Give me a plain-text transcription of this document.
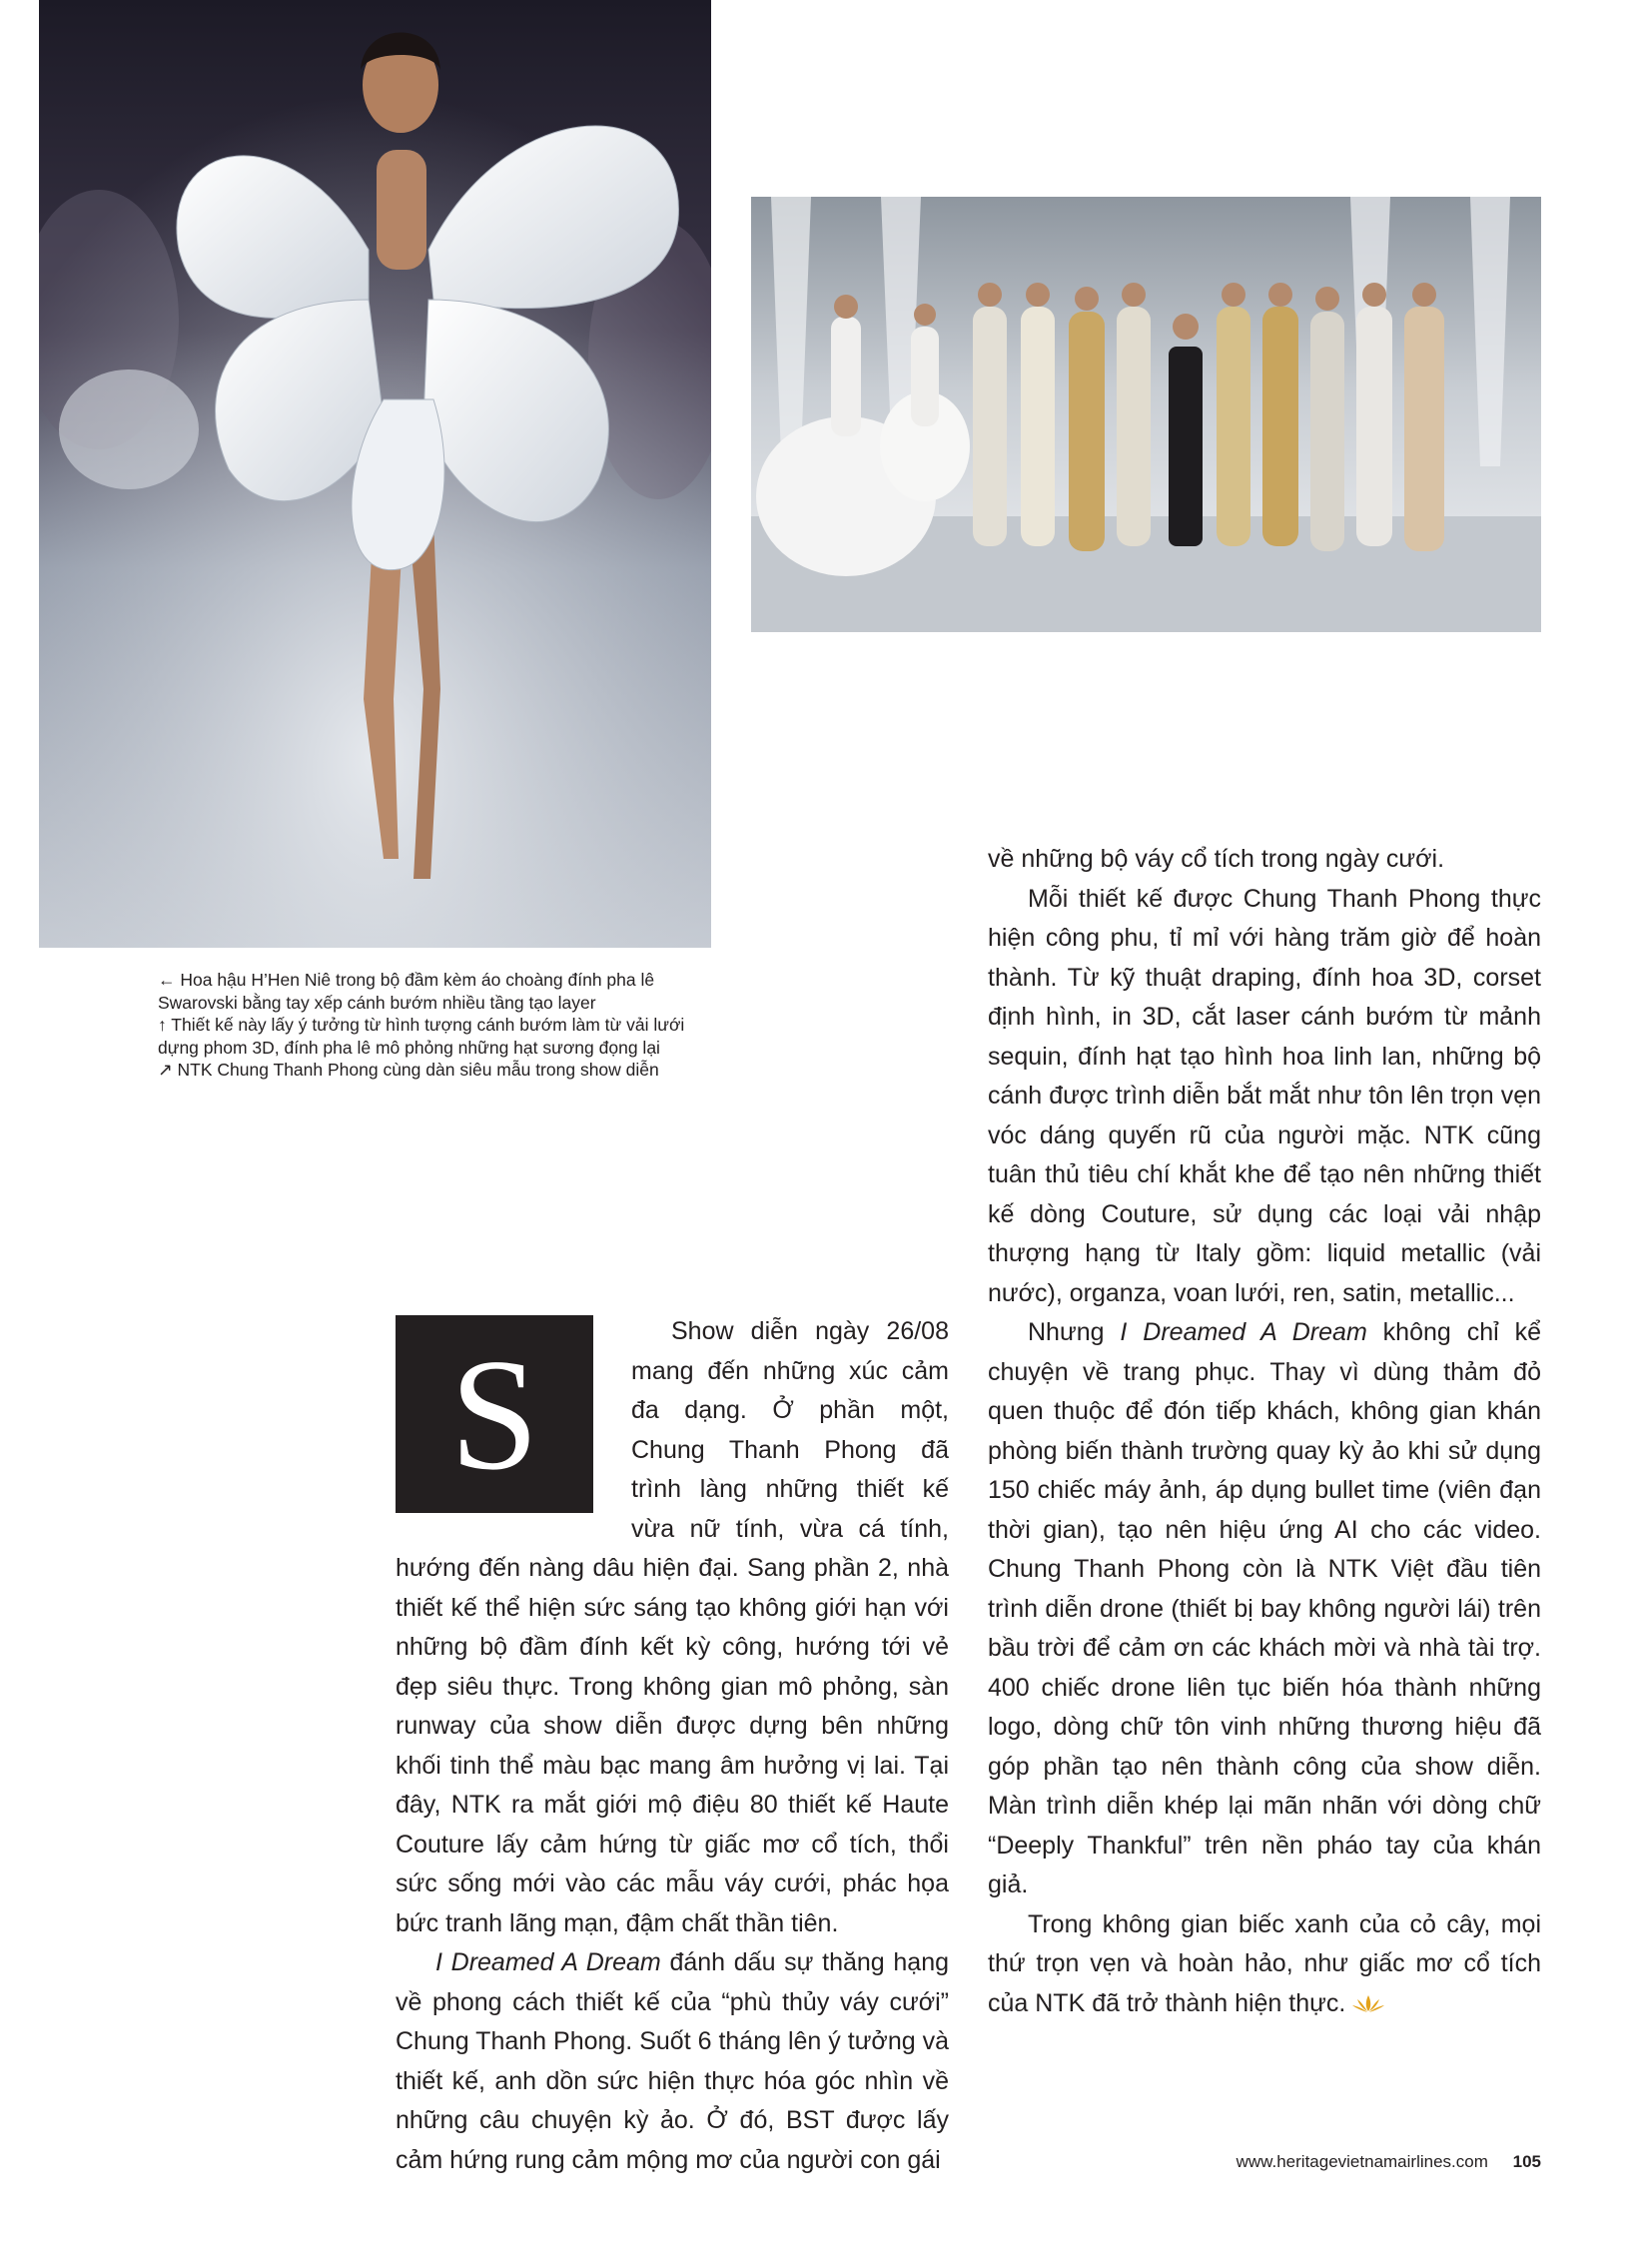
← Hoa hậu H’Hen Niê trong bộ đầm kèm áo choàng đính pha lê Swarovski bằng tay xếp cánh bướm nhiều tầng tạo layer
↑ Thiết kế này lấy ý tưởng từ hình tượng cánh bướm làm từ vải lưới dựng phom 3D, đính pha lê mô phỏng những hạt sương đọng lại
↗ NTK Chung Thanh Phong cùng dàn siêu mẫu trong show diễn
S	Show diễn ngày 26/08 mang đến những xúc cảm đa dạng. Ở phần một, Chung Thanh Phong đã trình làng những thiết kế vừa nữ tính, vừa cá tính, hướng đến nàng dâu hiện đại. Sang phần 2, nhà thiết kế thể hiện sức sáng tạo không giới hạn với những bộ đầm đính kết kỳ công, hướng tới vẻ đẹp siêu thực. Trong không gian mô phỏng, sàn runway của show diễn được dựng bên những khối tinh thể màu bạc mang âm hưởng vị lai. Tại đây, NTK ra mắt giới mộ điệu 80 thiết kế Haute Couture lấy cảm hứng từ giấc mơ cổ tích, thổi sức sống mới vào các mẫu váy cưới, phác họa bức tranh lãng mạn, đậm chất thần tiên.

I Dreamed A Dream đánh dấu sự thăng hạng về phong cách thiết kế của “phù thủy váy cưới” Chung Thanh Phong. Suốt 6 tháng lên ý tưởng và thiết kế, anh dồn sức hiện thực hóa góc nhìn về những câu chuyện kỳ ảo. Ở đó, BST được lấy cảm hứng rung cảm mộng mơ của người con gái

về những bộ váy cổ tích trong ngày cưới.

Mỗi thiết kế được Chung Thanh Phong thực hiện công phu, tỉ mỉ với hàng trăm giờ để hoàn thành. Từ kỹ thuật draping, đính hoa 3D, corset định hình, in 3D, cắt laser cánh bướm từ mảnh sequin, đính hạt tạo hình hoa linh lan, những bộ cánh được trình diễn bắt mắt như tôn lên trọn vẹn vóc dáng quyến rũ của người mặc. NTK cũng tuân thủ tiêu chí khắt khe để tạo nên những thiết kế dòng Couture, sử dụng các loại vải nhập thượng hạng từ Italy gồm: liquid metallic (vải nước), organza, voan lưới, ren, satin, metallic...

Nhưng I Dreamed A Dream không chỉ kể chuyện về trang phục. Thay vì dùng thảm đỏ quen thuộc để đón tiếp khách, không gian khán phòng biến thành trường quay kỳ ảo khi sử dụng 150 chiếc máy ảnh, áp dụng bullet time (viên đạn thời gian), tạo nên hiệu ứng AI cho các video. Chung Thanh Phong còn là NTK Việt đầu tiên trình diễn drone (thiết bị bay không người lái) trên bầu trời để cảm ơn các khách mời và nhà tài trợ. 400 chiếc drone liên tục biến hóa thành những logo, dòng chữ tôn vinh những thương hiệu đã góp phần tạo nên thành công của show diễn. Màn trình diễn khép lại mãn nhãn với dòng chữ “Deeply Thankful” trên nền pháo tay của khán giả.

Trong không gian biếc xanh của cỏ cây, mọi thứ trọn vẹn và hoàn hảo, như giấc mơ cổ tích của NTK đã trở thành hiện thực.

www.heritagevietnamairlines.com 105
